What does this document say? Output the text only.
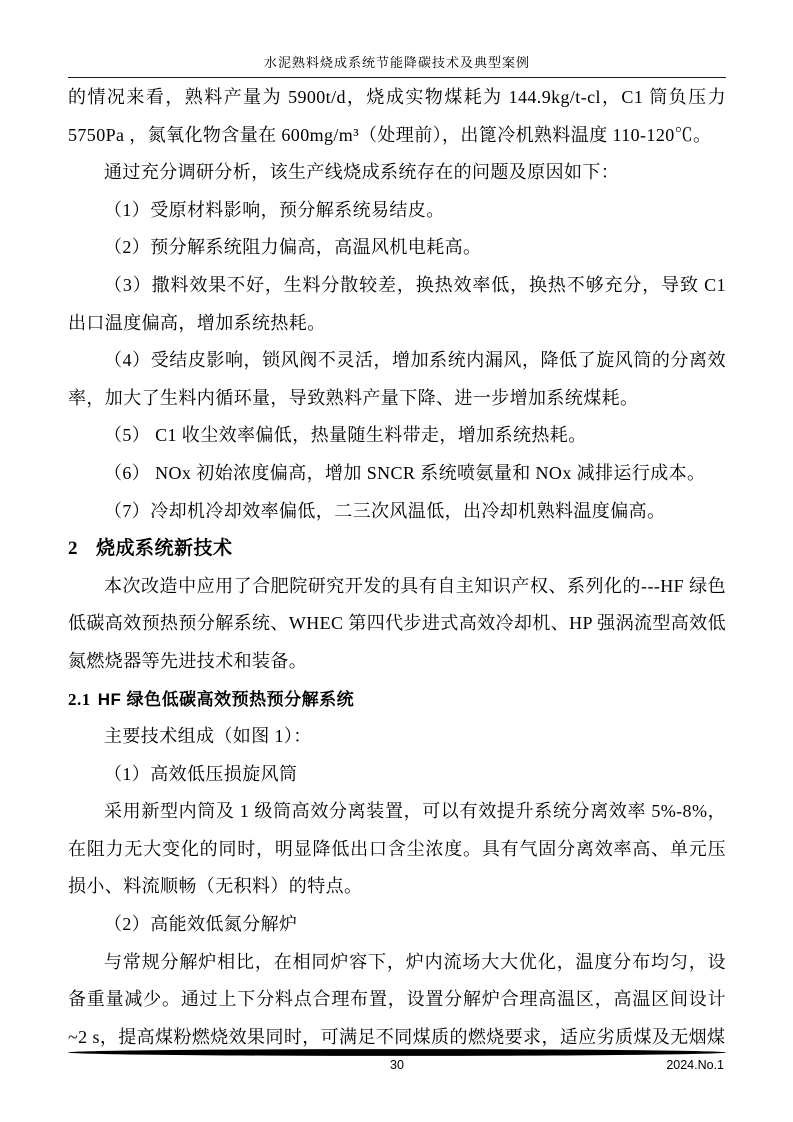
水泥熟料烧成系统节能降碳技术及典型案例

的情况来看，熟料产量为 5900t/d，烧成实物煤耗为 144.9kg/t-cl，C1 筒负压力 5750Pa ，氮氧化物含量在 600mg/m³（处理前），出篦冷机熟料温度 110-120℃。

通过充分调研分析，该生产线烧成系统存在的问题及原因如下：

（1）受原材料影响，预分解系统易结皮。

（2）预分解系统阻力偏高，高温风机电耗高。

（3）撒料效果不好，生料分散较差，换热效率低，换热不够充分，导致 C1 出口温度偏高，增加系统热耗。

（4）受结皮影响，锁风阀不灵活，增加系统内漏风，降低了旋风筒的分离效率，加大了生料内循环量，导致熟料产量下降、进一步增加系统煤耗。

（5） C1 收尘效率偏低，热量随生料带走，增加系统热耗。

（6） NOx 初始浓度偏高，增加 SNCR 系统喷氨量和 NOx 减排运行成本。

（7）冷却机冷却效率偏低，二三次风温低，出冷却机熟料温度偏高。

2 烧成系统新技术

本次改造中应用了合肥院研究开发的具有自主知识产权、系列化的---HF 绿色低碳高效预热预分解系统、WHEC 第四代步进式高效冷却机、HP 强涡流型高效低氮燃烧器等先进技术和装备。

2.1 HF 绿色低碳高效预热预分解系统

主要技术组成（如图 1）：

（1）高效低压损旋风筒

采用新型内筒及 1 级筒高效分离装置，可以有效提升系统分离效率 5%-8%，在阻力无大变化的同时，明显降低出口含尘浓度。具有气固分离效率高、单元压损小、料流顺畅（无积料）的特点。

（2）高能效低氮分解炉

与常规分解炉相比，在相同炉容下，炉内流场大大优化，温度分布均匀，设备重量减少。通过上下分料点合理布置，设置分解炉合理高温区，高温区间设计~2 s，提高煤粉燃烧效果同时，可满足不同煤质的燃烧要求，适应劣质煤及无烟煤

30	2024.No.1
